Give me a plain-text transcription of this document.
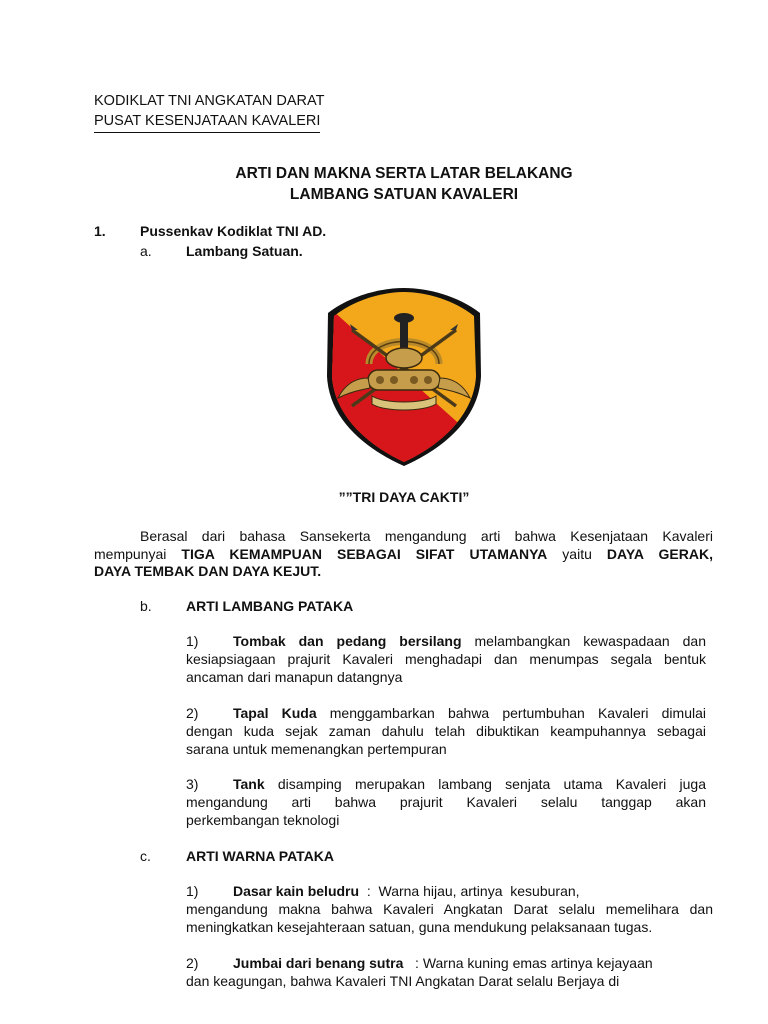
KODIKLAT TNI ANGKATAN DARAT
PUSAT KESENJATAAN KAVALERI
ARTI DAN MAKNA SERTA LATAR BELAKANG
LAMBANG SATUAN KAVALERI
1. Pussenkav Kodiklat TNI AD.
a. Lambang Satuan.
””TRI DAYA CAKTI”
Berasal dari bahasa Sansekerta mengandung arti bahwa Kesenjataan Kavaleri
mempunyai TIGA KEMAMPUAN SEBAGAI SIFAT UTAMANYA yaitu DAYA GERAK,
DAYA TEMBAK DAN DAYA KEJUT.
b. ARTI LAMBANG PATAKA
1) Tombak dan pedang bersilang melambangkan kewaspadaan dan
kesiapsiagaan prajurit Kavaleri menghadapi dan menumpas segala bentuk
ancaman dari manapun datangnya
2) Tapal Kuda menggambarkan bahwa pertumbuhan Kavaleri dimulai
dengan kuda sejak zaman dahulu telah dibuktikan keampuhannya sebagai
sarana untuk memenangkan pertempuran
3) Tank disamping merupakan lambang senjata utama Kavaleri juga
mengandung arti bahwa prajurit Kavaleri selalu tanggap akan
perkembangan teknologi
c.	ARTI WARNA PATAKA
1) Dasar kain beludru  :  Warna hijau, artinya  kesuburan,
mengandung makna bahwa Kavaleri Angkatan Darat selalu memelihara dan
meningkatkan kesejahteraan satuan, guna mendukung pelaksanaan tugas.
2) Jumbai dari benang sutra   : Warna kuning emas artinya kejayaan
dan keagungan, bahwa Kavaleri TNI Angkatan Darat selalu Berjaya di
